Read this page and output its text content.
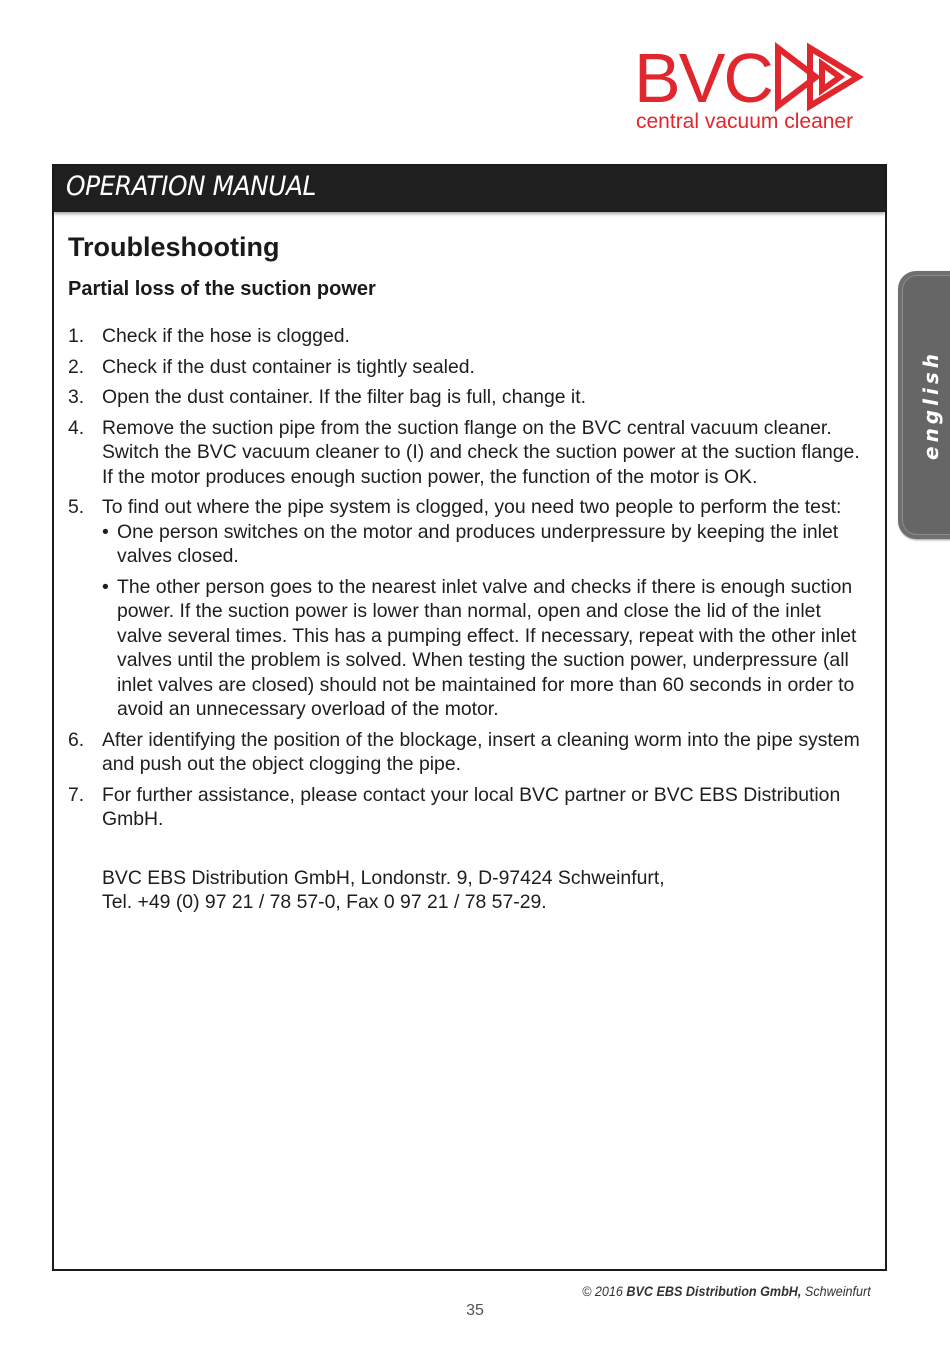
BVC
central vacuum cleaner
english
OPERATION MANUAL
Troubleshooting
Partial loss of the suction power
1. Check if the hose is clogged.
2. Check if the dust container is tightly sealed.
3. Open the dust container. If the filter bag is full, change it.
4. Remove the suction pipe from the suction flange on the BVC central vacuum cleaner. Switch the BVC vacuum cleaner to (I) and check the suction power at the suction flange. If the motor produces enough suction power, the function of the motor is OK.
5. To find out where the pipe system is clogged, you need two people to perform the test:
• One person switches on the motor and produces underpressure by keeping the inlet valves closed.
• The other person goes to the nearest inlet valve and checks if there is enough suction power. If the suction power is lower than normal, open and close the lid of the inlet valve several times. This has a pumping effect. If necessary, repeat with the other inlet valves until the problem is solved. When testing the suction power, underpressure (all inlet valves are closed) should not be maintained for more than 60 seconds in order to avoid an unnecessary overload of the motor.
6. After identifying the position of the blockage, insert a cleaning worm into the pipe system and push out the object clogging the pipe.
7. For further assistance, please contact your local BVC partner or BVC EBS Distribution GmbH.
BVC EBS Distribution GmbH, Londonstr. 9, D-97424 Schweinfurt,
Tel. +49 (0) 97 21 / 78 57-0, Fax 0 97 21 / 78 57-29.
© 2016 BVC EBS Distribution GmbH, Schweinfurt
35
